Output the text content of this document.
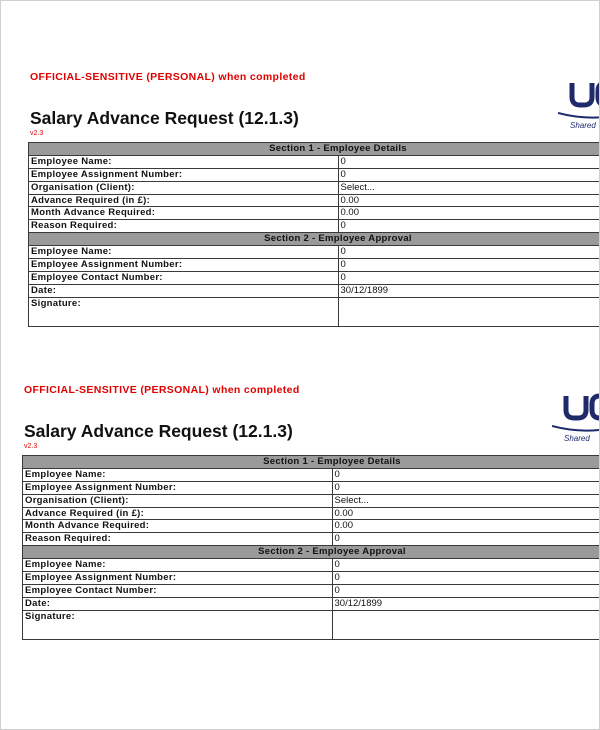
OFFICIAL-SENSITIVE (PERSONAL) when completed
Salary Advance Request (12.1.3)
v2.3
Shared
Section 1 - Employee Details	
Employee Name:	0
Employee Assignment Number:	0
Organisation (Client):	Select...
Advance Required (in £):	0.00
Month Advance Required:	0.00
Reason Required:	0
Section 2 - Employee Approval	
Employee Name:	0
Employee Assignment Number:	0
Employee Contact Number:	0
Date:	30/12/1899
Signature:	
OFFICIAL-SENSITIVE (PERSONAL) when completed
Salary Advance Request (12.1.3)
v2.3
Shared
Section 1 - Employee Details	
Employee Name:	0
Employee Assignment Number:	0
Organisation (Client):	Select...
Advance Required (in £):	0.00
Month Advance Required:	0.00
Reason Required:	0
Section 2 - Employee Approval	
Employee Name:	0
Employee Assignment Number:	0
Employee Contact Number:	0
Date:	30/12/1899
Signature:	
